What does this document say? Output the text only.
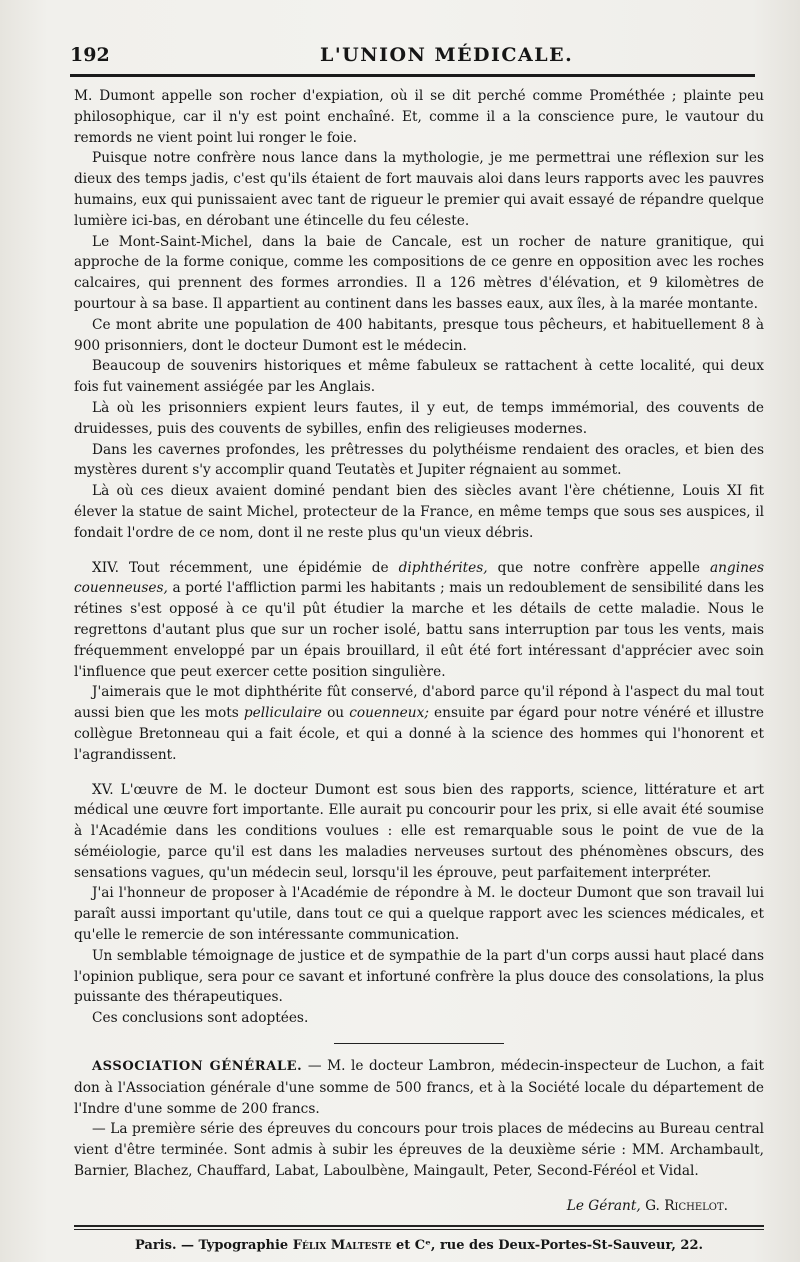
192	L'UNION MÉDICALE.

M. Dumont appelle son rocher d'expiation, où il se dit perché comme Prométhée ; plainte peu philosophique, car il n'y est point enchaîné. Et, comme il a la conscience pure, le vautour du remords ne vient point lui ronger le foie.

Puisque notre confrère nous lance dans la mythologie, je me permettrai une réflexion sur les dieux des temps jadis, c'est qu'ils étaient de fort mauvais aloi dans leurs rapports avec les pauvres humains, eux qui punissaient avec tant de rigueur le premier qui avait essayé de répandre quelque lumière ici-bas, en dérobant une étincelle du feu céleste.

Le Mont-Saint-Michel, dans la baie de Cancale, est un rocher de nature granitique, qui approche de la forme conique, comme les compositions de ce genre en opposition avec les roches calcaires, qui prennent des formes arrondies. Il a 126 mètres d'élévation, et 9 kilomètres de pourtour à sa base. Il appartient au continent dans les basses eaux, aux îles, à la marée montante.

Ce mont abrite une population de 400 habitants, presque tous pêcheurs, et habituellement 8 à 900 prisonniers, dont le docteur Dumont est le médecin.

Beaucoup de souvenirs historiques et même fabuleux se rattachent à cette localité, qui deux fois fut vainement assiégée par les Anglais.

Là où les prisonniers expient leurs fautes, il y eut, de temps immémorial, des couvents de druidesses, puis des couvents de sybilles, enfin des religieuses modernes.

Dans les cavernes profondes, les prêtresses du polythéisme rendaient des oracles, et bien des mystères durent s'y accomplir quand Teutatès et Jupiter régnaient au sommet.

Là où ces dieux avaient dominé pendant bien des siècles avant l'ère chétienne, Louis XI fit élever la statue de saint Michel, protecteur de la France, en même temps que sous ses auspices, il fondait l'ordre de ce nom, dont il ne reste plus qu'un vieux débris.

XIV. Tout récemment, une épidémie de diphthérites, que notre confrère appelle angines couenneuses, a porté l'affliction parmi les habitants ; mais un redoublement de sensibilité dans les rétines s'est opposé à ce qu'il pût étudier la marche et les détails de cette maladie. Nous le regrettons d'autant plus que sur un rocher isolé, battu sans interruption par tous les vents, mais fréquemment enveloppé par un épais brouillard, il eût été fort intéressant d'apprécier avec soin l'influence que peut exercer cette position singulière.

J'aimerais que le mot diphthérite fût conservé, d'abord parce qu'il répond à l'aspect du mal tout aussi bien que les mots pelliculaire ou couenneux; ensuite par égard pour notre vénéré et illustre collègue Bretonneau qui a fait école, et qui a donné à la science des hommes qui l'honorent et l'agrandissent.

XV. L'œuvre de M. le docteur Dumont est sous bien des rapports, science, littérature et art médical une œuvre fort importante. Elle aurait pu concourir pour les prix, si elle avait été soumise à l'Académie dans les conditions voulues : elle est remarquable sous le point de vue de la séméiologie, parce qu'il est dans les maladies nerveuses surtout des phénomènes obscurs, des sensations vagues, qu'un médecin seul, lorsqu'il les éprouve, peut parfaitement interpréter.

J'ai l'honneur de proposer à l'Académie de répondre à M. le docteur Dumont que son travail lui paraît aussi important qu'utile, dans tout ce qui a quelque rapport avec les sciences médicales, et qu'elle le remercie de son intéressante communication.

Un semblable témoignage de justice et de sympathie de la part d'un corps aussi haut placé dans l'opinion publique, sera pour ce savant et infortuné confrère la plus douce des consolations, la plus puissante des thérapeutiques.

Ces conclusions sont adoptées.

ASSOCIATION GÉNÉRALE. — M. le docteur Lambron, médecin-inspecteur de Luchon, a fait don à l'Association générale d'une somme de 500 francs, et à la Société locale du département de l'Indre d'une somme de 200 francs.

— La première série des épreuves du concours pour trois places de médecins au Bureau central vient d'être terminée. Sont admis à subir les épreuves de la deuxième série : MM. Archambault, Barnier, Blachez, Chauffard, Labat, Laboulbène, Maingault, Peter, Second-Féréol et Vidal.

Le Gérant, G. Richelot.

Paris. — Typographie Félix Malteste et Cᵉ, rue des Deux-Portes-St-Sauveur, 22.
